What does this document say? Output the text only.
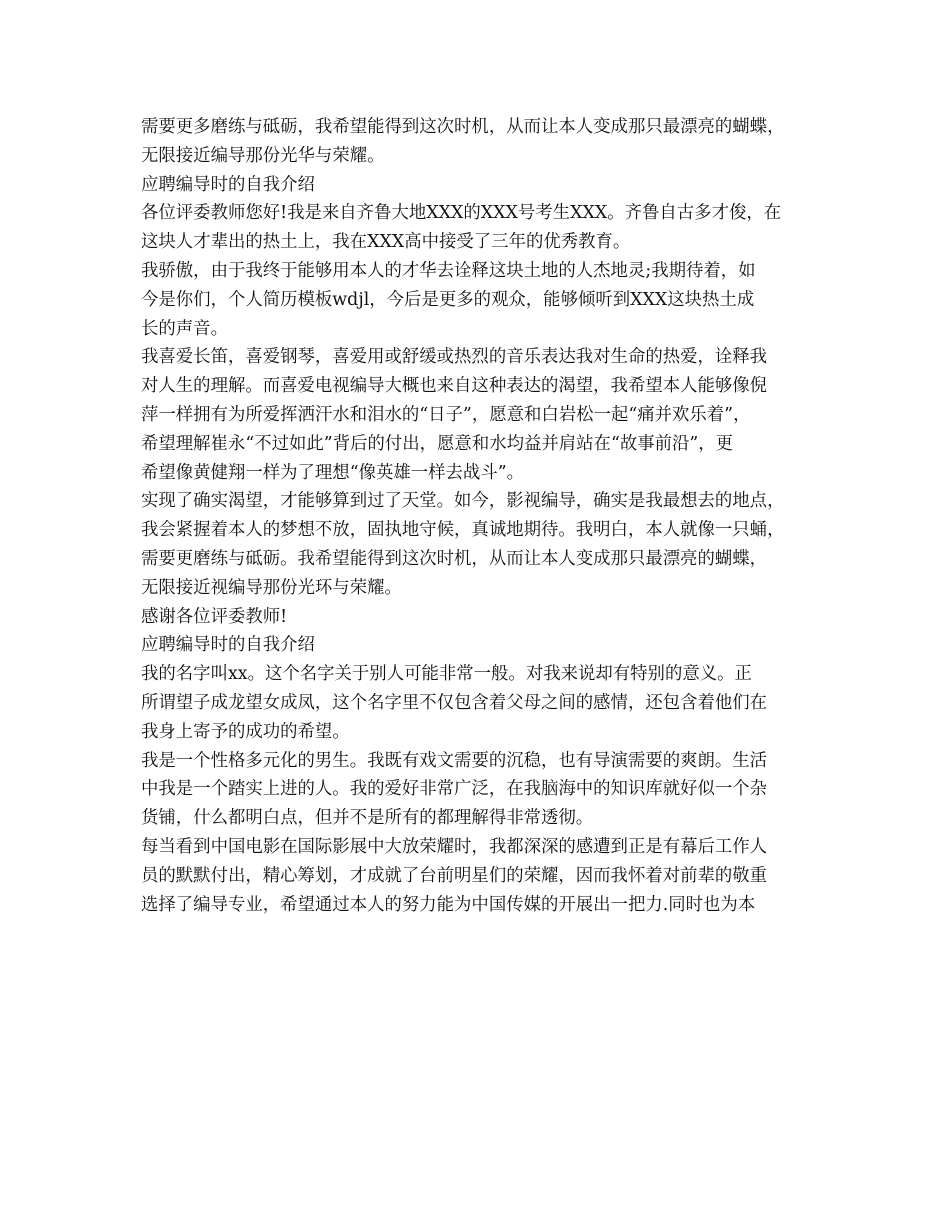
需要更多磨练与砥砺，我希望能得到这次时机，从而让本人变成那只最漂亮的蝴蝶，

无限接近编导那份光华与荣耀。

应聘编导时的自我介绍

各位评委教师您好!我是来自齐鲁大地XXX的XXX号考生XXX。齐鲁自古多才俊，在

这块人才辈出的热土上，我在XXX高中接受了三年的优秀教育。

我骄傲，由于我终于能够用本人的才华去诠释这块土地的人杰地灵;我期待着，如

今是你们，个人简历模板wdjl，今后是更多的观众，能够倾听到XXX这块热土成

长的声音。

我喜爱长笛，喜爱钢琴，喜爱用或舒缓或热烈的音乐表达我对生命的热爱，诠释我

对人生的理解。而喜爱电视编导大概也来自这种表达的渴望，我希望本人能够像倪

萍一样拥有为所爱挥洒汗水和泪水的“日子”，愿意和白岩松一起“痛并欢乐着”，

希望理解崔永“不过如此”背后的付出，愿意和水均益并肩站在“故事前沿”，更

希望像黄健翔一样为了理想“像英雄一样去战斗”。

实现了确实渴望，才能够算到过了天堂。如今，影视编导，确实是我最想去的地点，

我会紧握着本人的梦想不放，固执地守候，真诚地期待。我明白，本人就像一只蛹，

需要更磨练与砥砺。我希望能得到这次时机，从而让本人变成那只最漂亮的蝴蝶，

无限接近视编导那份光环与荣耀。

感谢各位评委教师!

应聘编导时的自我介绍

我的名字叫xx。这个名字关于别人可能非常一般。对我来说却有特别的意义。正

所谓望子成龙望女成凤，这个名字里不仅包含着父母之间的感情，还包含着他们在

我身上寄予的成功的希望。

我是一个性格多元化的男生。我既有戏文需要的沉稳，也有导演需要的爽朗。生活

中我是一个踏实上进的人。我的爱好非常广泛，在我脑海中的知识库就好似一个杂

货铺，什么都明白点，但并不是所有的都理解得非常透彻。

每当看到中国电影在国际影展中大放荣耀时，我都深深的感遭到正是有幕后工作人

员的默默付出，精心筹划，才成就了台前明星们的荣耀，因而我怀着对前辈的敬重

选择了编导专业，希望通过本人的努力能为中国传媒的开展出一把力.同时也为本
